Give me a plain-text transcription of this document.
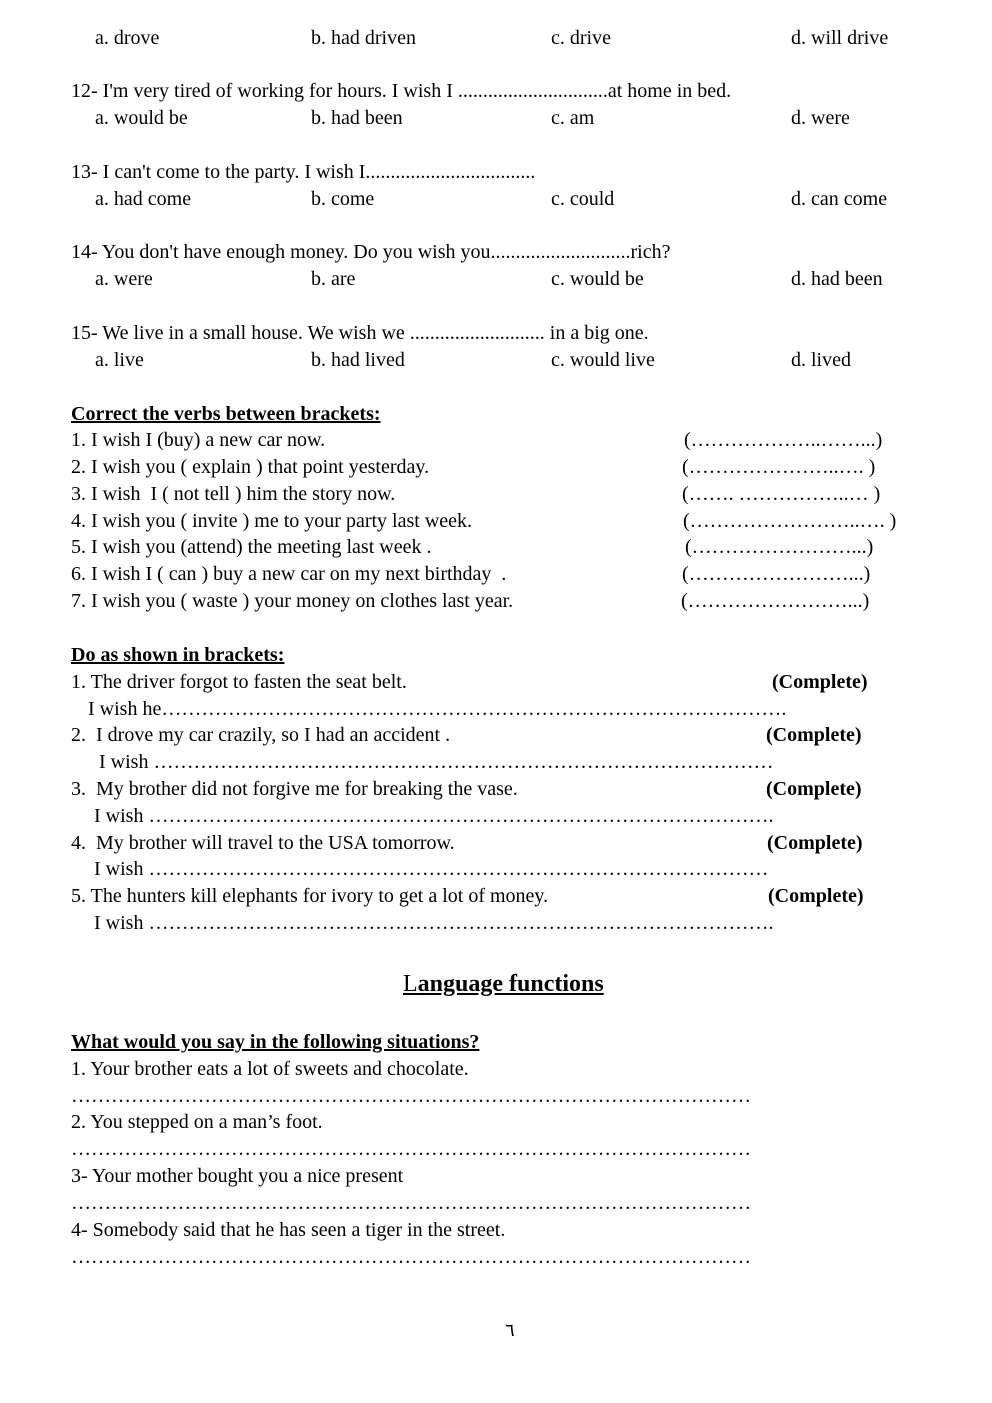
a. drove	b. had driven	c. drive	d. will drive
12- I'm very tired of working for hours. I wish I ..............................at home in bed.
a. would be	b. had been	c. am	d. were
13- I can't come to the party. I wish I..................................
a. had come	b. come	c. could	d. can come
14- You don't have enough money. Do you wish you............................rich?
a. were	b. are	c. would be	d. had been
15- We live in a small house. We wish we ........................... in a big one.
a. live	b. had lived	c. would live	d. lived
Correct the verbs between brackets:
1. I wish I (buy) a new car now.	(………………..……...)
2. I wish you ( explain ) that point yesterday.	(…………………..…. )
3. I wish  I ( not tell ) him the story now.	(……. ……………..… )
4. I wish you ( invite ) me to your party last week.	(……………………..…. )
5. I wish you (attend) the meeting last week .	(……………………...)
6. I wish I ( can ) buy a new car on my next birthday  .	(……………………...)
7. I wish you ( waste ) your money on clothes last year.	(……………………...)
Do as shown in brackets:
1. The driver forgot to fasten the seat belt.	(Complete)
I wish he………………………………………………………………………………….
2.  I drove my car crazily, so I had an accident .	(Complete)
I wish …………………………………………………………………………………
3.  My brother did not forgive me for breaking the vase.	(Complete)
I wish ………………………………………………………………………………….
4.  My brother will travel to the USA tomorrow.	(Complete)
I wish …………………………………………………………………………………
5. The hunters kill elephants for ivory to get a lot of money.	(Complete)
I wish ………………………………………………………………………………….
Language functions
What would you say in the following situations?
1. Your brother eats a lot of sweets and chocolate.
…………………………………………………………………………………………
2. You stepped on a man’s foot.
…………………………………………………………………………………………
3- Your mother bought you a nice present
…………………………………………………………………………………………
4- Somebody said that he has seen a tiger in the street.
…………………………………………………………………………………………
٦
